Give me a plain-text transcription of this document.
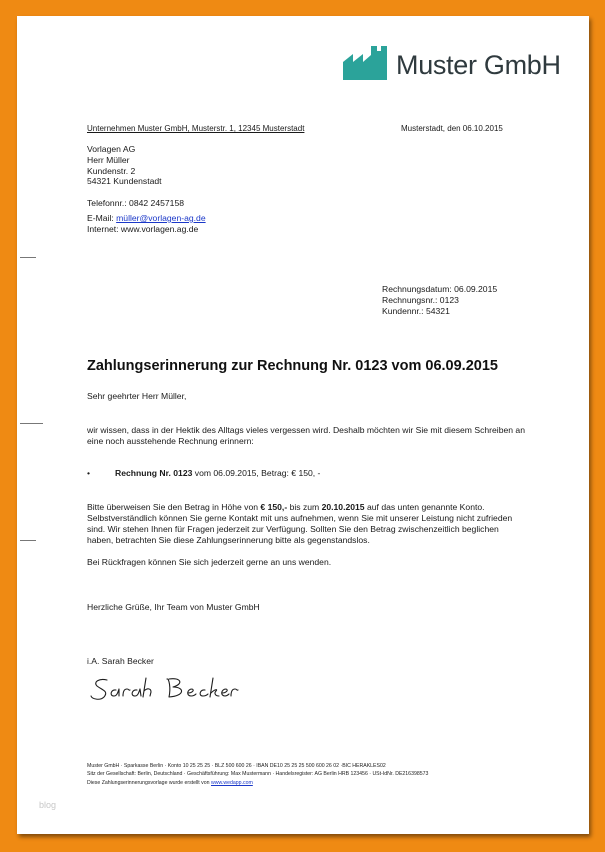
Muster GmbH
Unternehmen Muster GmbH, Musterstr. 1, 12345 Musterstadt	Musterstadt, den 06.10.2015
Vorlagen AG
Herr Müller
Kundenstr. 2
54321 Kundenstadt
Telefonnr.: 0842 2457158
E-Mail: müller@vorlagen-ag.de
Internet: www.vorlagen.ag.de
Rechnungsdatum: 06.09.2015
Rechnungsnr.: 0123
Kundennr.: 54321
Zahlungserinnerung zur Rechnung Nr. 0123 vom 06.09.2015
Sehr geehrter Herr Müller,
wir wissen, dass in der Hektik des Alltags vieles vergessen wird. Deshalb möchten wir Sie mit diesem Schreiben an eine noch ausstehende Rechnung erinnern:
•	Rechnung Nr. 0123 vom 06.09.2015, Betrag: € 150, -
Bitte überweisen Sie den Betrag in Höhe von € 150,- bis zum 20.10.2015 auf das unten genannte Konto. Selbstverständlich können Sie gerne Kontakt mit uns aufnehmen, wenn Sie mit unserer Leistung nicht zufrieden sind. Wir stehen Ihnen für Fragen jederzeit zur Verfügung. Sollten Sie den Betrag zwischenzeitlich beglichen haben, betrachten Sie diese Zahlungserinnerung bitte als gegenstandslos.
Bei Rückfragen können Sie sich jederzeit gerne an uns wenden.
Herzliche Grüße, Ihr Team von Muster GmbH
i.A. Sarah Becker
Muster GmbH · Sparkasse Berlin · Konto 10 25 25 25 · BLZ 500 600 26 · IBAN DE10 25 25 25 500 600 26 02 ·BIC HERAKLES02
Sitz der Gesellschaft: Berlin, Deutschland · Geschäftsführung: Max Mustermann · Handelsregister: AG Berlin HRB 123456 · USt-IdNr. DE216398573
Diese Zahlungserinnerungsvorlage wurde erstellt von www.wedapp.com
blog
